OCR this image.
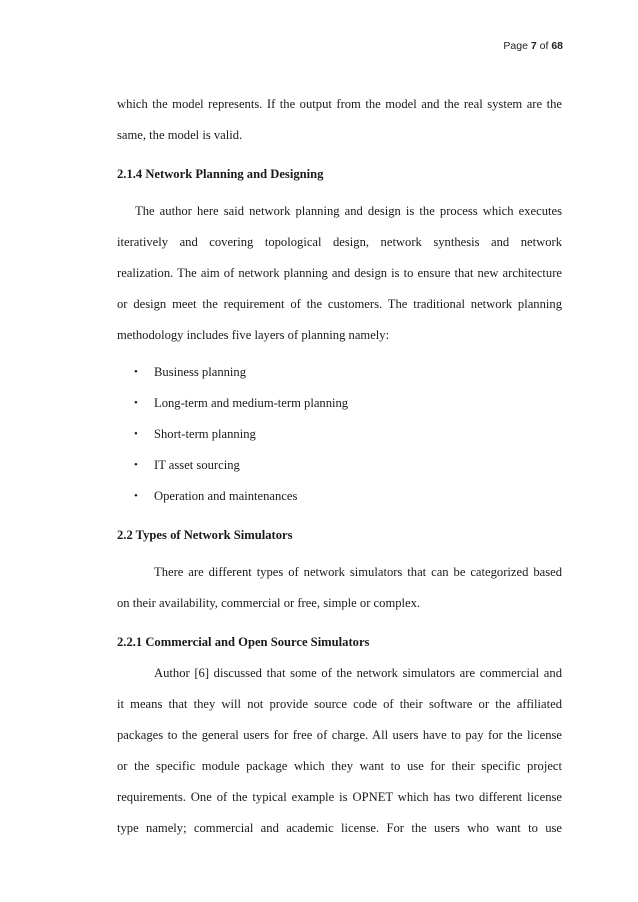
Page 7 of 68

which the model represents. If the output from the model and the real system are the

same, the model is valid.

2.1.4 Network Planning and Designing

The author here said network planning and design is the process which executes

iteratively and covering topological design, network synthesis and network

realization. The aim of network planning and design is to ensure that new architecture

or design meet the requirement of the customers. The traditional network planning

methodology includes five layers of planning namely:

• Business planning
• Long-term and medium-term planning
• Short-term planning
• IT asset sourcing
• Operation and maintenances
2.2 Types of Network Simulators

There are different types of network simulators that can be categorized based

on their availability, commercial or free, simple or complex.

2.2.1 Commercial and Open Source Simulators

Author [6] discussed that some of the network simulators are commercial and

it means that they will not provide source code of their software or the affiliated

packages to the general users for free of charge. All users have to pay for the license

or the specific module package which they want to use for their specific project

requirements. One of the typical example is OPNET which has two different license

type namely; commercial and academic license. For the users who want to use
